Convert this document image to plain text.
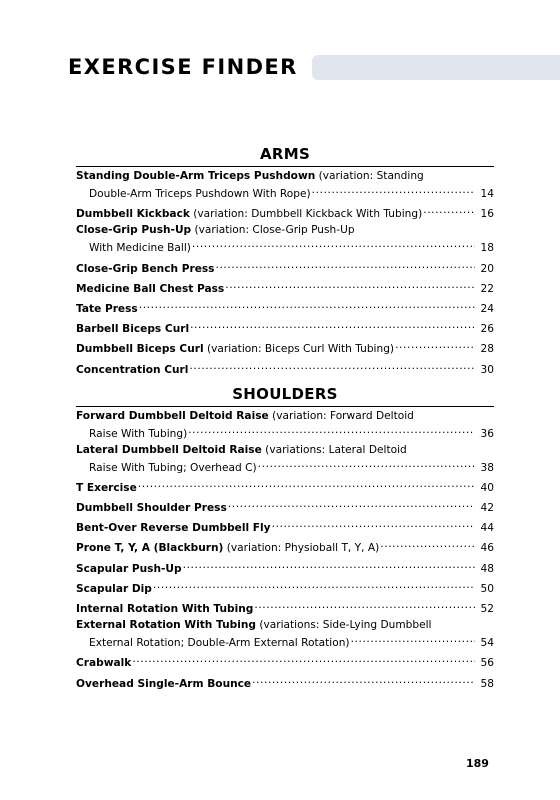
EXERCISE FINDER
ARMS
Standing Double-Arm Triceps Pushdown (variation: Standing
Double-Arm Triceps Pushdown With Rope) .....	14
Dumbbell Kickback (variation: Dumbbell Kickback With Tubing) .....	16
Close-Grip Push-Up (variation: Close-Grip Push-Up
With Medicine Ball) .....	18
Close-Grip Bench Press .....	20
Medicine Ball Chest Pass .....	22
Tate Press .....	24
Barbell Biceps Curl .....	26
Dumbbell Biceps Curl (variation: Biceps Curl With Tubing) .....	28
Concentration Curl .....	30
SHOULDERS
Forward Dumbbell Deltoid Raise (variation: Forward Deltoid
Raise With Tubing) .....	36
Lateral Dumbbell Deltoid Raise (variations: Lateral Deltoid
Raise With Tubing; Overhead C) .....	38
T Exercise .....	40
Dumbbell Shoulder Press .....	42
Bent-Over Reverse Dumbbell Fly .....	44
Prone T, Y, A (Blackburn) (variation: Physioball T, Y, A) .....	46
Scapular Push-Up .....	48
Scapular Dip .....	50
Internal Rotation With Tubing .....	52
External Rotation With Tubing (variations: Side-Lying Dumbbell
External Rotation; Double-Arm External Rotation) .....	54
Crabwalk .....	56
Overhead Single-Arm Bounce .....	58
189
